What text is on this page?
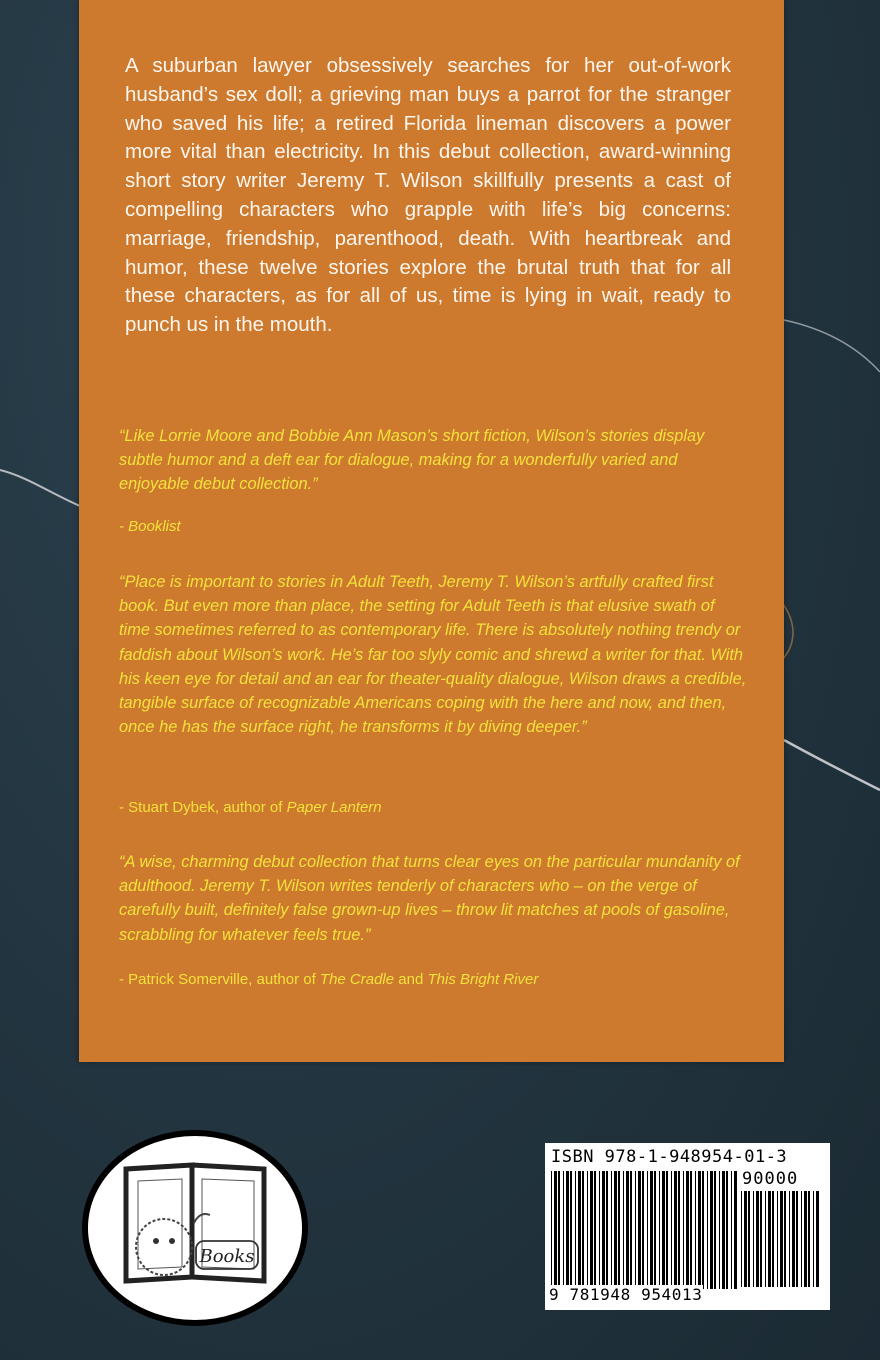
A suburban lawyer obsessively searches for her out-of-work husband’s sex doll; a grieving man buys a parrot for the stranger who saved his life; a retired Florida lineman discovers a power more vital than electricity. In this debut collection, award-winning short story writer Jeremy T. Wilson skillfully presents a cast of compelling characters who grapple with life’s big concerns: marriage, friendship, parenthood, death. With heartbreak and humor, these twelve stories explore the brutal truth that for all these characters, as for all of us, time is lying in wait, ready to punch us in the mouth.

“Like Lorrie Moore and Bobbie Ann Mason’s short fiction, Wilson’s stories display subtle humor and a deft ear for dialogue, making for a wonderfully varied and enjoyable debut collection.”

- Booklist

“Place is important to stories in Adult Teeth, Jeremy T. Wilson’s artfully crafted first book. But even more than place, the setting for Adult Teeth is that elusive swath of time sometimes referred to as contemporary life. There is absolutely nothing trendy or faddish about Wilson’s work. He’s far too slyly comic and shrewd a writer for that. With his keen eye for detail and an ear for theater-quality dialogue, Wilson draws a credible, tangible surface of recognizable Americans coping with the here and now, and then, once he has the surface right, he transforms it by diving deeper.”

- Stuart Dybek, author of Paper Lantern

“A wise, charming debut collection that turns clear eyes on the particular mundanity of adulthood. Jeremy T. Wilson writes tenderly of characters who – on the verge of carefully built, definitely false grown-up lives – throw lit matches at pools of gasoline, scrabbling for whatever feels true.”

- Patrick Somerville, author of The Cradle and This Bright River

Books
ISBN 978-1-948954-01-3
90000
9 781948 954013
